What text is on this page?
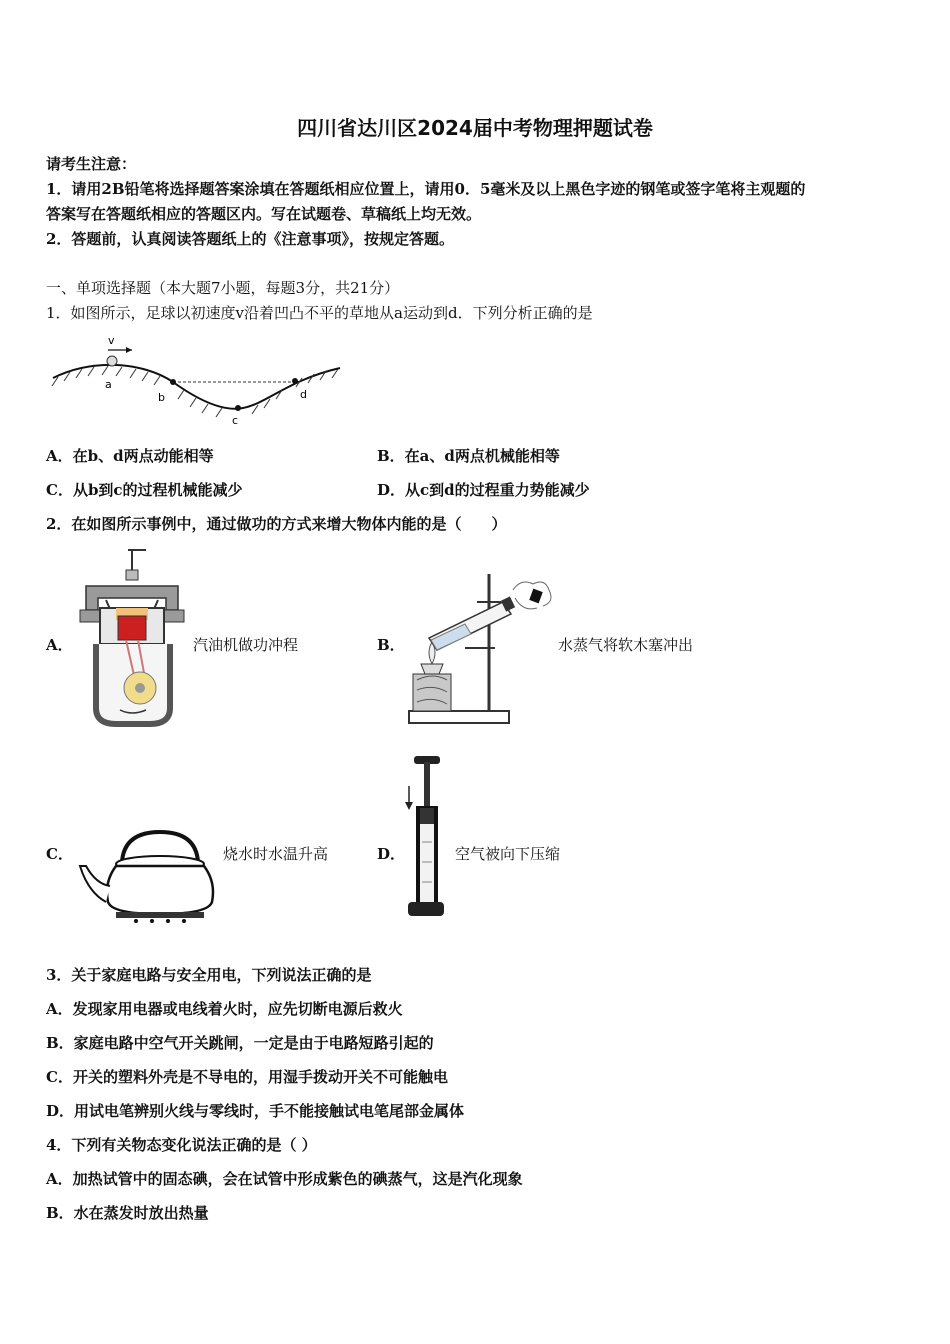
四川省达川区2024届中考物理押题试卷
请考生注意：
1．请用2B铅笔将选择题答案涂填在答题纸相应位置上，请用0．5毫米及以上黑色字迹的钢笔或签字笔将主观题的
答案写在答题纸相应的答题区内。写在试题卷、草稿纸上均无效。
2．答题前，认真阅读答题纸上的《注意事项》，按规定答题。
一、单项选择题（本大题7小题，每题3分，共21分）
1．如图所示，足球以初速度v沿着凹凸不平的草地从a运动到d．下列分析正确的是
v
a
b
c
d
A．在b、d两点动能相等	B．在a、d两点机械能相等
C．从b到c的过程机械能减少	D．从c到d的过程重力势能减少
2．在如图所示事例中，通过做功的方式来增大物体内能的是（　　）
A．	汽油机做功冲程	B．	水蒸气将软木塞冲出
C．	烧水时水温升高	D．	空气被向下压缩
3．关于家庭电路与安全用电，下列说法正确的是
A．发现家用电器或电线着火时，应先切断电源后救火
B．家庭电路中空气开关跳闸，一定是由于电路短路引起的
C．开关的塑料外壳是不导电的，用湿手拨动开关不可能触电
D．用试电笔辨别火线与零线时，手不能接触试电笔尾部金属体
4．下列有关物态变化说法正确的是（ ）
A．加热试管中的固态碘，会在试管中形成紫色的碘蒸气，这是汽化现象
B．水在蒸发时放出热量
